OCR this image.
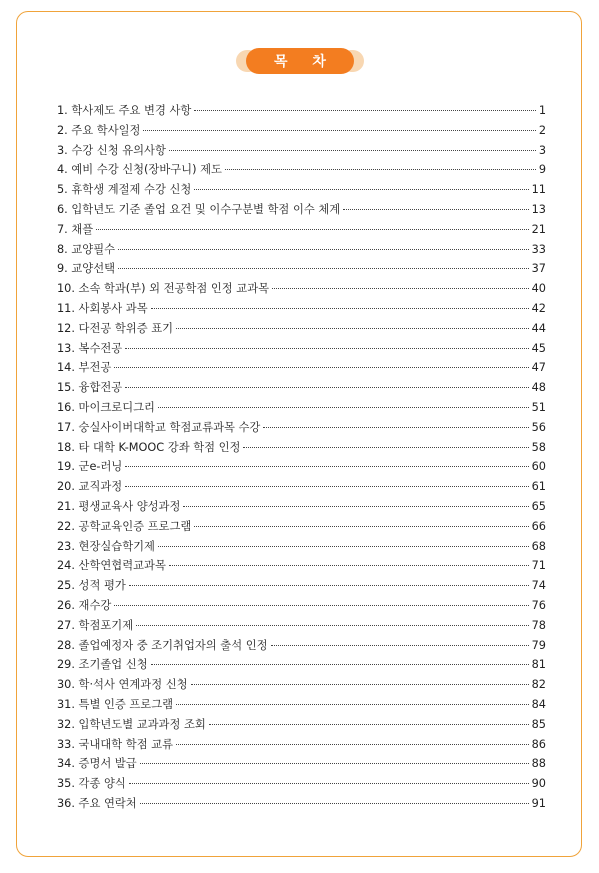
목 차
1. 학사제도 주요 변경 사항	1
2. 주요 학사일정	2
3. 수강 신청 유의사항	3
4. 예비 수강 신청(장바구니) 제도	9
5. 휴학생 계절제 수강 신청	11
6. 입학년도 기준 졸업 요건 및 이수구분별 학점 이수 체계	13
7. 채플	21
8. 교양필수	33
9. 교양선택	37
10. 소속 학과(부) 외 전공학점 인정 교과목	40
11. 사회봉사 과목	42
12. 다전공 학위증 표기	44
13. 복수전공	45
14. 부전공	47
15. 융합전공	48
16. 마이크로디그리	51
17. 숭실사이버대학교 학점교류과목 수강	56
18. 타 대학 K-MOOC 강좌 학점 인정	58
19. 군e-러닝	60
20. 교직과정	61
21. 평생교육사 양성과정	65
22. 공학교육인증 프로그램	66
23. 현장실습학기제	68
24. 산학연협력교과목	71
25. 성적 평가	74
26. 재수강	76
27. 학점포기제	78
28. 졸업예정자 중 조기취업자의 출석 인정	79
29. 조기졸업 신청	81
30. 학·석사 연계과정 신청	82
31. 특별 인증 프로그램	84
32. 입학년도별 교과과정 조회	85
33. 국내대학 학점 교류	86
34. 증명서 발급	88
35. 각종 양식	90
36. 주요 연락처	91
